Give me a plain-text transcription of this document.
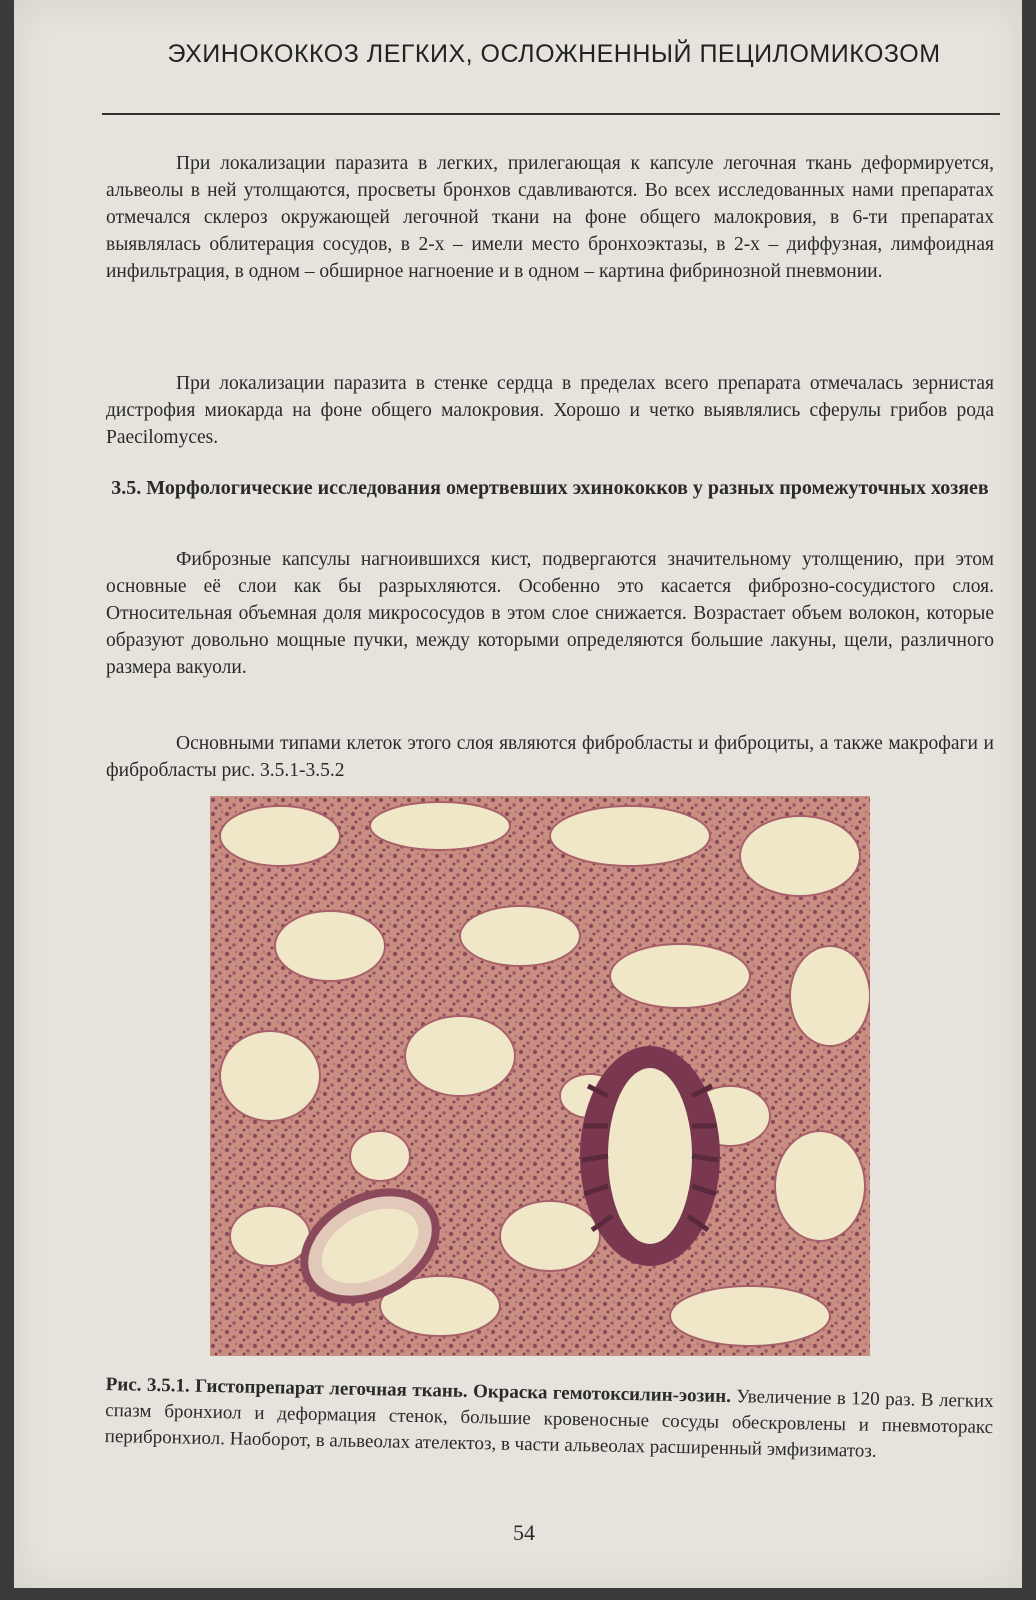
ЭХИНОКОККОЗ ЛЕГКИХ, ОСЛОЖНЕННЫЙ ПЕЦИЛОМИКОЗОМ

При локализации паразита в легких, прилегающая к капсуле легочная ткань деформируется, альвеолы в ней утолщаются, просветы бронхов сдавливаются. Во всех исследованных нами препаратах отмечался склероз окружающей легочной ткани на фоне общего малокровия, в 6-ти препаратах выявлялась облитерация сосудов, в 2-х – имели место бронхоэктазы, в 2-х – диффузная, лимфоидная инфильтрация, в одном – обширное нагноение и в одном – картина фибринозной пневмонии.

При локализации паразита в стенке сердца в пределах всего препарата отмечалась зернистая дистрофия миокарда на фоне общего малокровия. Хорошо и четко выявлялись сферулы грибов рода Paecilomyces.

3.5. Морфологические исследования омертвевших эхинококков у разных промежуточных хозяев

Фиброзные капсулы нагноившихся кист, подвергаются значительному утолщению, при этом основные её слои как бы разрыхляются. Особенно это касается фиброзно-сосудистого слоя. Относительная объемная доля микрососудов в этом слое снижается. Возрастает объем волокон, которые образуют довольно мощные пучки, между которыми определяются большие лакуны, щели, различного размера вакуоли.

Основными типами клеток этого слоя являются фибробласты и фиброциты, а также макрофаги и фибробласты рис. 3.5.1-3.5.2

Рис. 3.5.1. Гистопрепарат легочная ткань. Окраска гемотоксилин-эозин. Увеличение в 120 раз. В легких спазм бронхиол и деформация стенок, большие кровеносные сосуды обескровлены и пневмоторакс перибронхиол. Наоборот, в альвеолах ателектоз, в части альвеолах расширенный эмфизиматоз.

54
